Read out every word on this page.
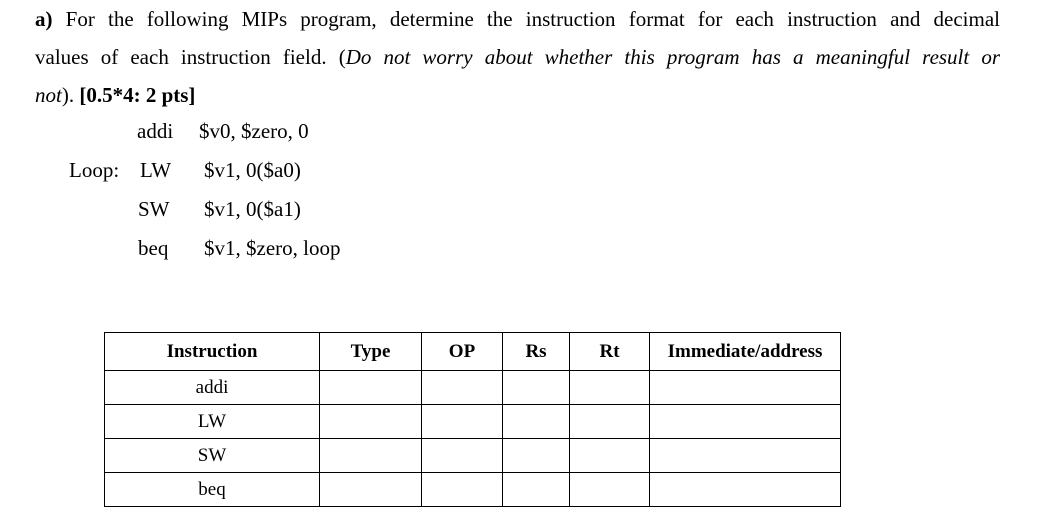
a) For the following MIPs program, determine the instruction format for each instruction and decimal
values of each instruction field. (Do not worry about whether this program has a meaningful result or
not). [0.5*4: 2 pts]
addi $v0, $zero, 0
Loop: LW $v1, 0($a0)
SW $v1, 0($a1)
beq $v1, $zero, loop
Instruction	Type	OP	Rs	Rt	Immediate/address
addi					
LW					
SW					
beq					
